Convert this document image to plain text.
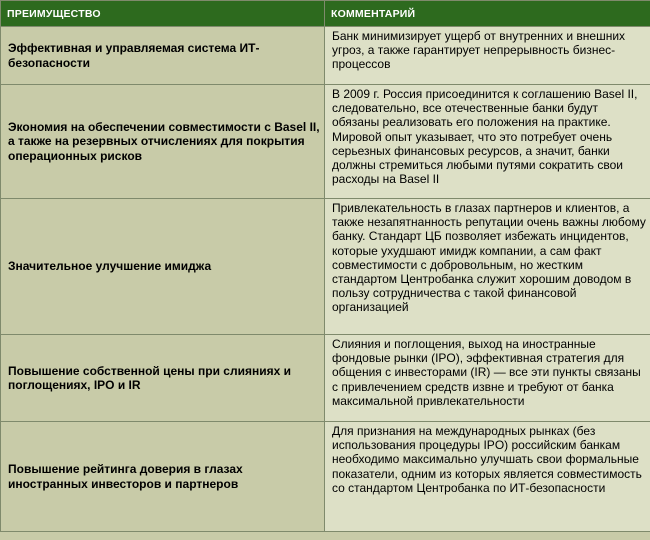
ПРЕИМУЩЕСТВО	КОММЕНТАРИЙ
Эффективная и управляемая система ИТ-безопасности	Банк минимизирует ущерб от внутренних и внешних угроз, а также гарантирует непрерывность бизнес-процессов
Экономия на обеспечении совместимости с Basel II, а также на резервных отчислениях для покрытия операционных рисков	В 2009 г. Россия присоединится к соглашению Basel II, следовательно, все отечественные банки будут обязаны реализовать его положения на практике. Мировой опыт указывает, что это потребует очень серьезных финансовых ресурсов, а значит, банки должны стремиться любыми путями сократить свои расходы на Basel II
Значительное улучшение имиджа	Привлекательность в глазах партнеров и клиентов, а также незапятнанность репутации очень важны любому банку. Стандарт ЦБ позволяет избежать инцидентов, которые ухудшают имидж компании, а сам факт совместимости с добровольным, но жестким стандартом Центробанка служит хорошим доводом в пользу сотрудничества с такой финансовой организацией
Повышение собственной цены при слияниях и поглощениях, IPO и IR	Слияния и поглощения, выход на иностранные фондовые рынки (IPO), эффективная стратегия для общения с инвесторами (IR) — все эти пункты связаны с привлечением средств извне и требуют от банка максимальной привлекательности
Повышение рейтинга доверия в глазах иностранных инвесторов и партнеров	Для признания на международных рынках (без использования процедуры IPO) российским банкам необходимо максимально улучшать свои формальные показатели, одним из которых является совместимость со стандартом Центробанка по ИТ-безопасности
